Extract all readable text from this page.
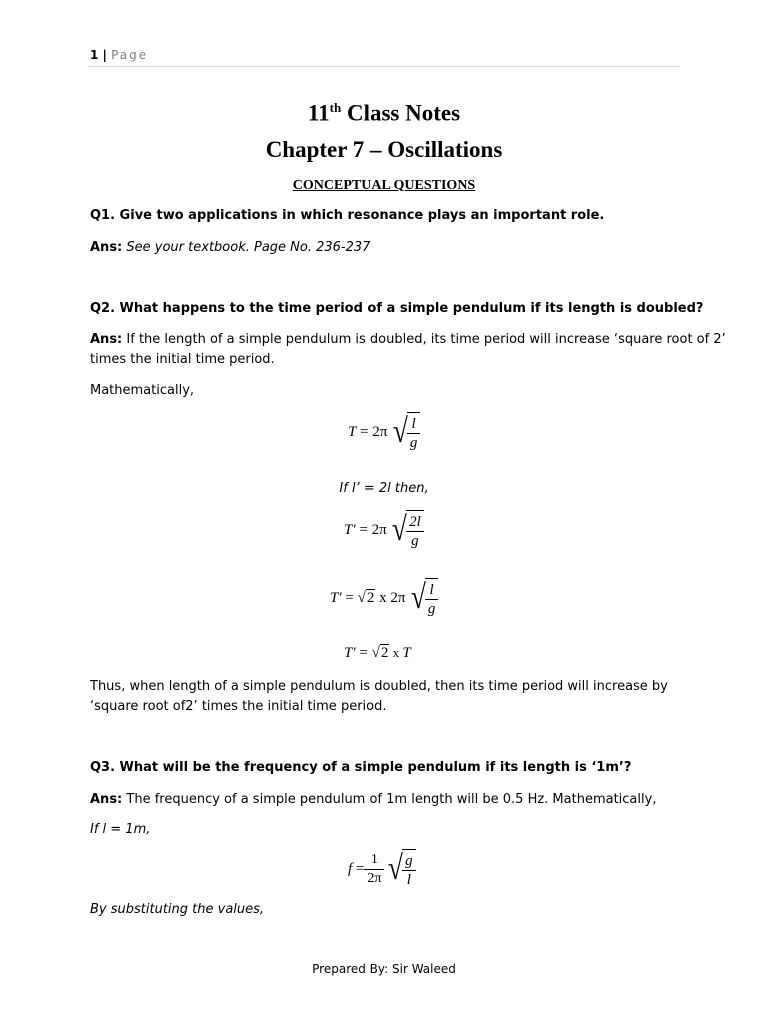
1 | Page
11th Class Notes
Chapter 7 – Oscillations
CONCEPTUAL QUESTIONS
Q1. Give two applications in which resonance plays an important role.
Ans: See your textbook. Page No. 236-237
Q2. What happens to the time period of a simple pendulum if its length is doubled?
Ans: If the length of a simple pendulum is doubled, its time period will increase ‘square root of 2’
times the initial time period.
Mathematically,
T = 2π √
$\frac{l}{g}$
If l’ = 2l then,
T′ = 2π √
$\frac{2l}{g}$
T′ = √2 x 2π √
$\frac{l}{g}$
T′ = √2 x T
Thus, when length of a simple pendulum is doubled, then its time period will increase by
‘square root of2’ times the initial time period.
Q3. What will be the frequency of a simple pendulum if its length is ‘1m’?
Ans: The frequency of a simple pendulum of 1m length will be 0.5 Hz. Mathematically,
If l = 1m,
$f = \frac{1}{2\pi}$ √
$\frac{g}{l}$
By substituting the values,
Prepared By: Sir Waleed
